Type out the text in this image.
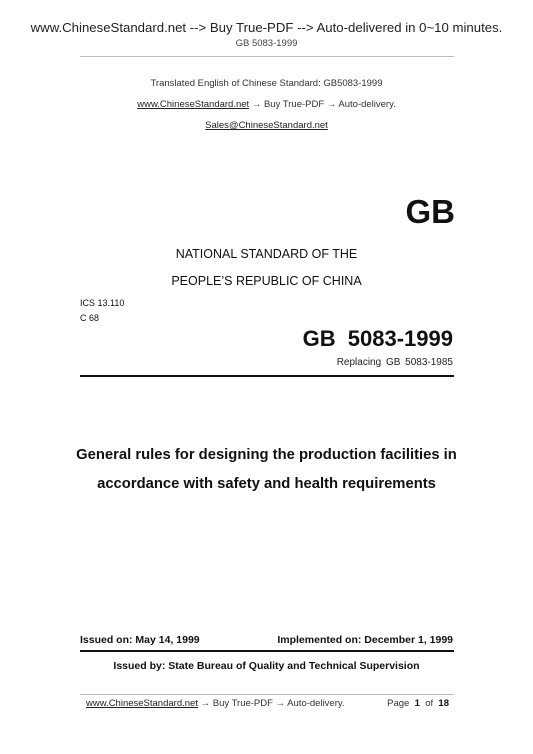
www.ChineseStandard.net --> Buy True-PDF --> Auto-delivered in 0~10 minutes.
GB 5083-1999
Translated English of Chinese Standard: GB5083-1999
www.ChineseStandard.net → Buy True-PDF → Auto-delivery.
Sales@ChineseStandard.net
GB
NATIONAL STANDARD OF THE
PEOPLE’S REPUBLIC OF CHINA
ICS 13.110
C 68
GB 5083-1999
Replacing GB 5083-1985
General rules for designing the production facilities in
accordance with safety and health requirements
Issued on: May 14, 1999	Implemented on: December 1, 1999
Issued by: State Bureau of Quality and Technical Supervision
www.ChineseStandard.net → Buy True-PDF → Auto-delivery.	Page 1 of 18
